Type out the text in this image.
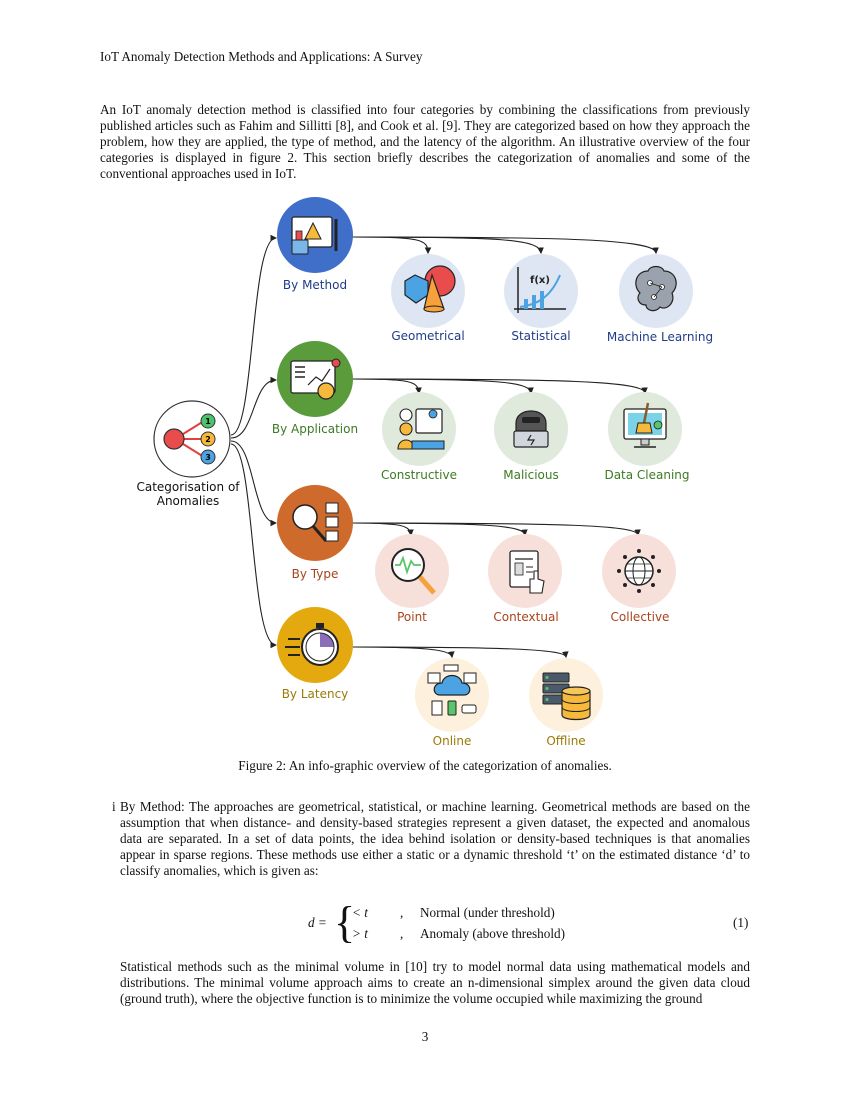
IoT Anomaly Detection Methods and Applications: A Survey

An IoT anomaly detection method is classified into four categories by combining the classifications from previously published articles such as Fahim and Sillitti [8], and Cook et al. [9]. They are categorized based on how they approach the problem, how they are applied, the type of method, and the latency of the algorithm. An illustrative overview of the four categories is displayed in figure 2. This section briefly describes the categorization of anomalies and some of the conventional approaches used in IoT.

1
2
3
Categorisation of
Anomalies
By Method
Geometrical
f(x)
Statistical	Machine Learning
By Application
Constructive	Malicious	Data Cleaning
By Type
Point	Contextual	Collective
By Latency
Online	Offline
Figure 2: An info-graphic overview of the categorization of anomalies.
i By Method: The approaches are geometrical, statistical, or machine learning. Geometrical methods are based on the assumption that when distance- and density-based strategies represent a given dataset, the expected and anomalous data are separated. In a set of data points, the idea behind isolation or density-based techniques is that anomalies appear in sparse regions. These methods use either a static or a dynamic threshold ‘t’ on the estimated distance ‘d’ to classify anomalies, which is given as:
d = {
< t , Normal (under threshold)
> t , Anomaly (above threshold)
(1)

Statistical methods such as the minimal volume in [10] try to model normal data using mathematical models and distributions. The minimal volume approach aims to create an n-dimensional simplex around the given data cloud (ground truth), where the objective function is to minimize the volume occupied while maximizing the ground

3
